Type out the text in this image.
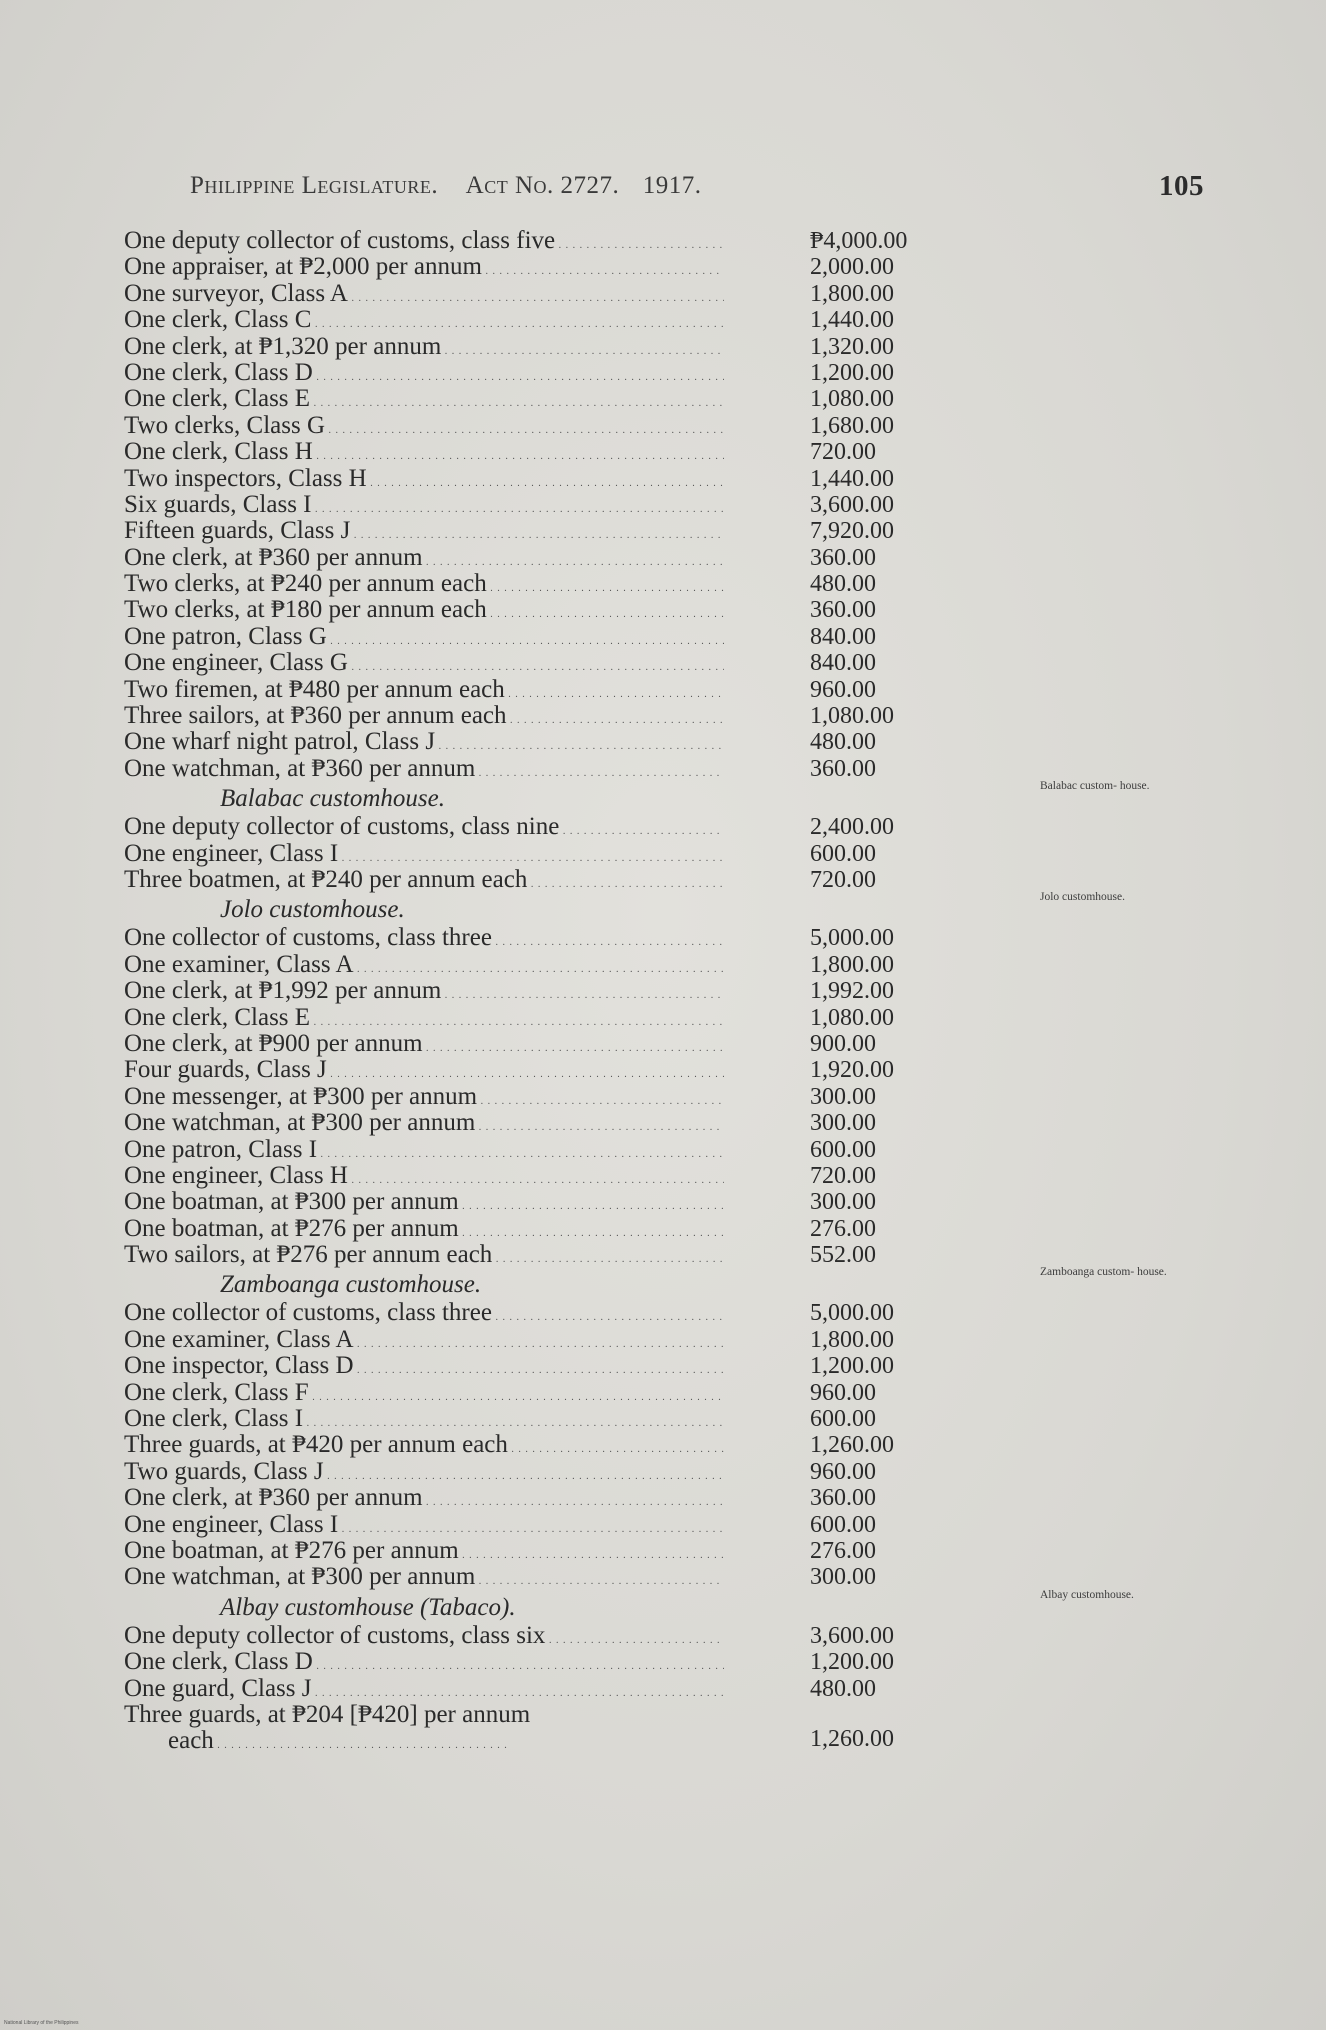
Philippine Legislature. Act No. 2727. 1917.	105
One deputy collector of customs, class five . . .	₱4,000.00
One appraiser, at ₱2,000 per annum . . .	2,000.00
One surveyor, Class A . . .	1,800.00
One clerk, Class C . . .	1,440.00
One clerk, at ₱1,320 per annum . . .	1,320.00
One clerk, Class D . . .	1,200.00
One clerk, Class E . . .	1,080.00
Two clerks, Class G . . .	1,680.00
One clerk, Class H . . .	720.00
Two inspectors, Class H . . .	1,440.00
Six guards, Class I . . .	3,600.00
Fifteen guards, Class J . . .	7,920.00
One clerk, at ₱360 per annum . . .	360.00
Two clerks, at ₱240 per annum each . . .	480.00
Two clerks, at ₱180 per annum each . . .	360.00
One patron, Class G . . .	840.00
One engineer, Class G . . .	840.00
Two firemen, at ₱480 per annum each . . .	960.00
Three sailors, at ₱360 per annum each . . .	1,080.00
One wharf night patrol, Class J . . .	480.00
One watchman, at ₱360 per annum . . .	360.00
Balabac customhouse.	Balabac custom- house.
One deputy collector of customs, class nine . . .	2,400.00
One engineer, Class I . . .	600.00
Three boatmen, at ₱240 per annum each . . .	720.00
Jolo customhouse.	Jolo customhouse.
One collector of customs, class three . . .	5,000.00
One examiner, Class A . . .	1,800.00
One clerk, at ₱1,992 per annum . . .	1,992.00
One clerk, Class E . . .	1,080.00
One clerk, at ₱900 per annum . . .	900.00
Four guards, Class J . . .	1,920.00
One messenger, at ₱300 per annum . . .	300.00
One watchman, at ₱300 per annum . . .	300.00
One patron, Class I . . .	600.00
One engineer, Class H . . .	720.00
One boatman, at ₱300 per annum . . .	300.00
One boatman, at ₱276 per annum . . .	276.00
Two sailors, at ₱276 per annum each . . .	552.00
Zamboanga customhouse.	Zamboanga custom- house.
One collector of customs, class three . . .	5,000.00
One examiner, Class A . . .	1,800.00
One inspector, Class D . . .	1,200.00
One clerk, Class F . . .	960.00
One clerk, Class I . . .	600.00
Three guards, at ₱420 per annum each . . .	1,260.00
Two guards, Class J . . .	960.00
One clerk, at ₱360 per annum . . .	360.00
One engineer, Class I . . .	600.00
One boatman, at ₱276 per annum . . .	276.00
One watchman, at ₱300 per annum . . .	300.00
Albay customhouse (Tabaco).	Albay customhouse.
One deputy collector of customs, class six . . .	3,600.00
One clerk, Class D . . .	1,200.00
One guard, Class J . . .	480.00
Three guards, at ₱204 [₱420] per annum
each . . .	1,260.00
National Library of the Philippines
